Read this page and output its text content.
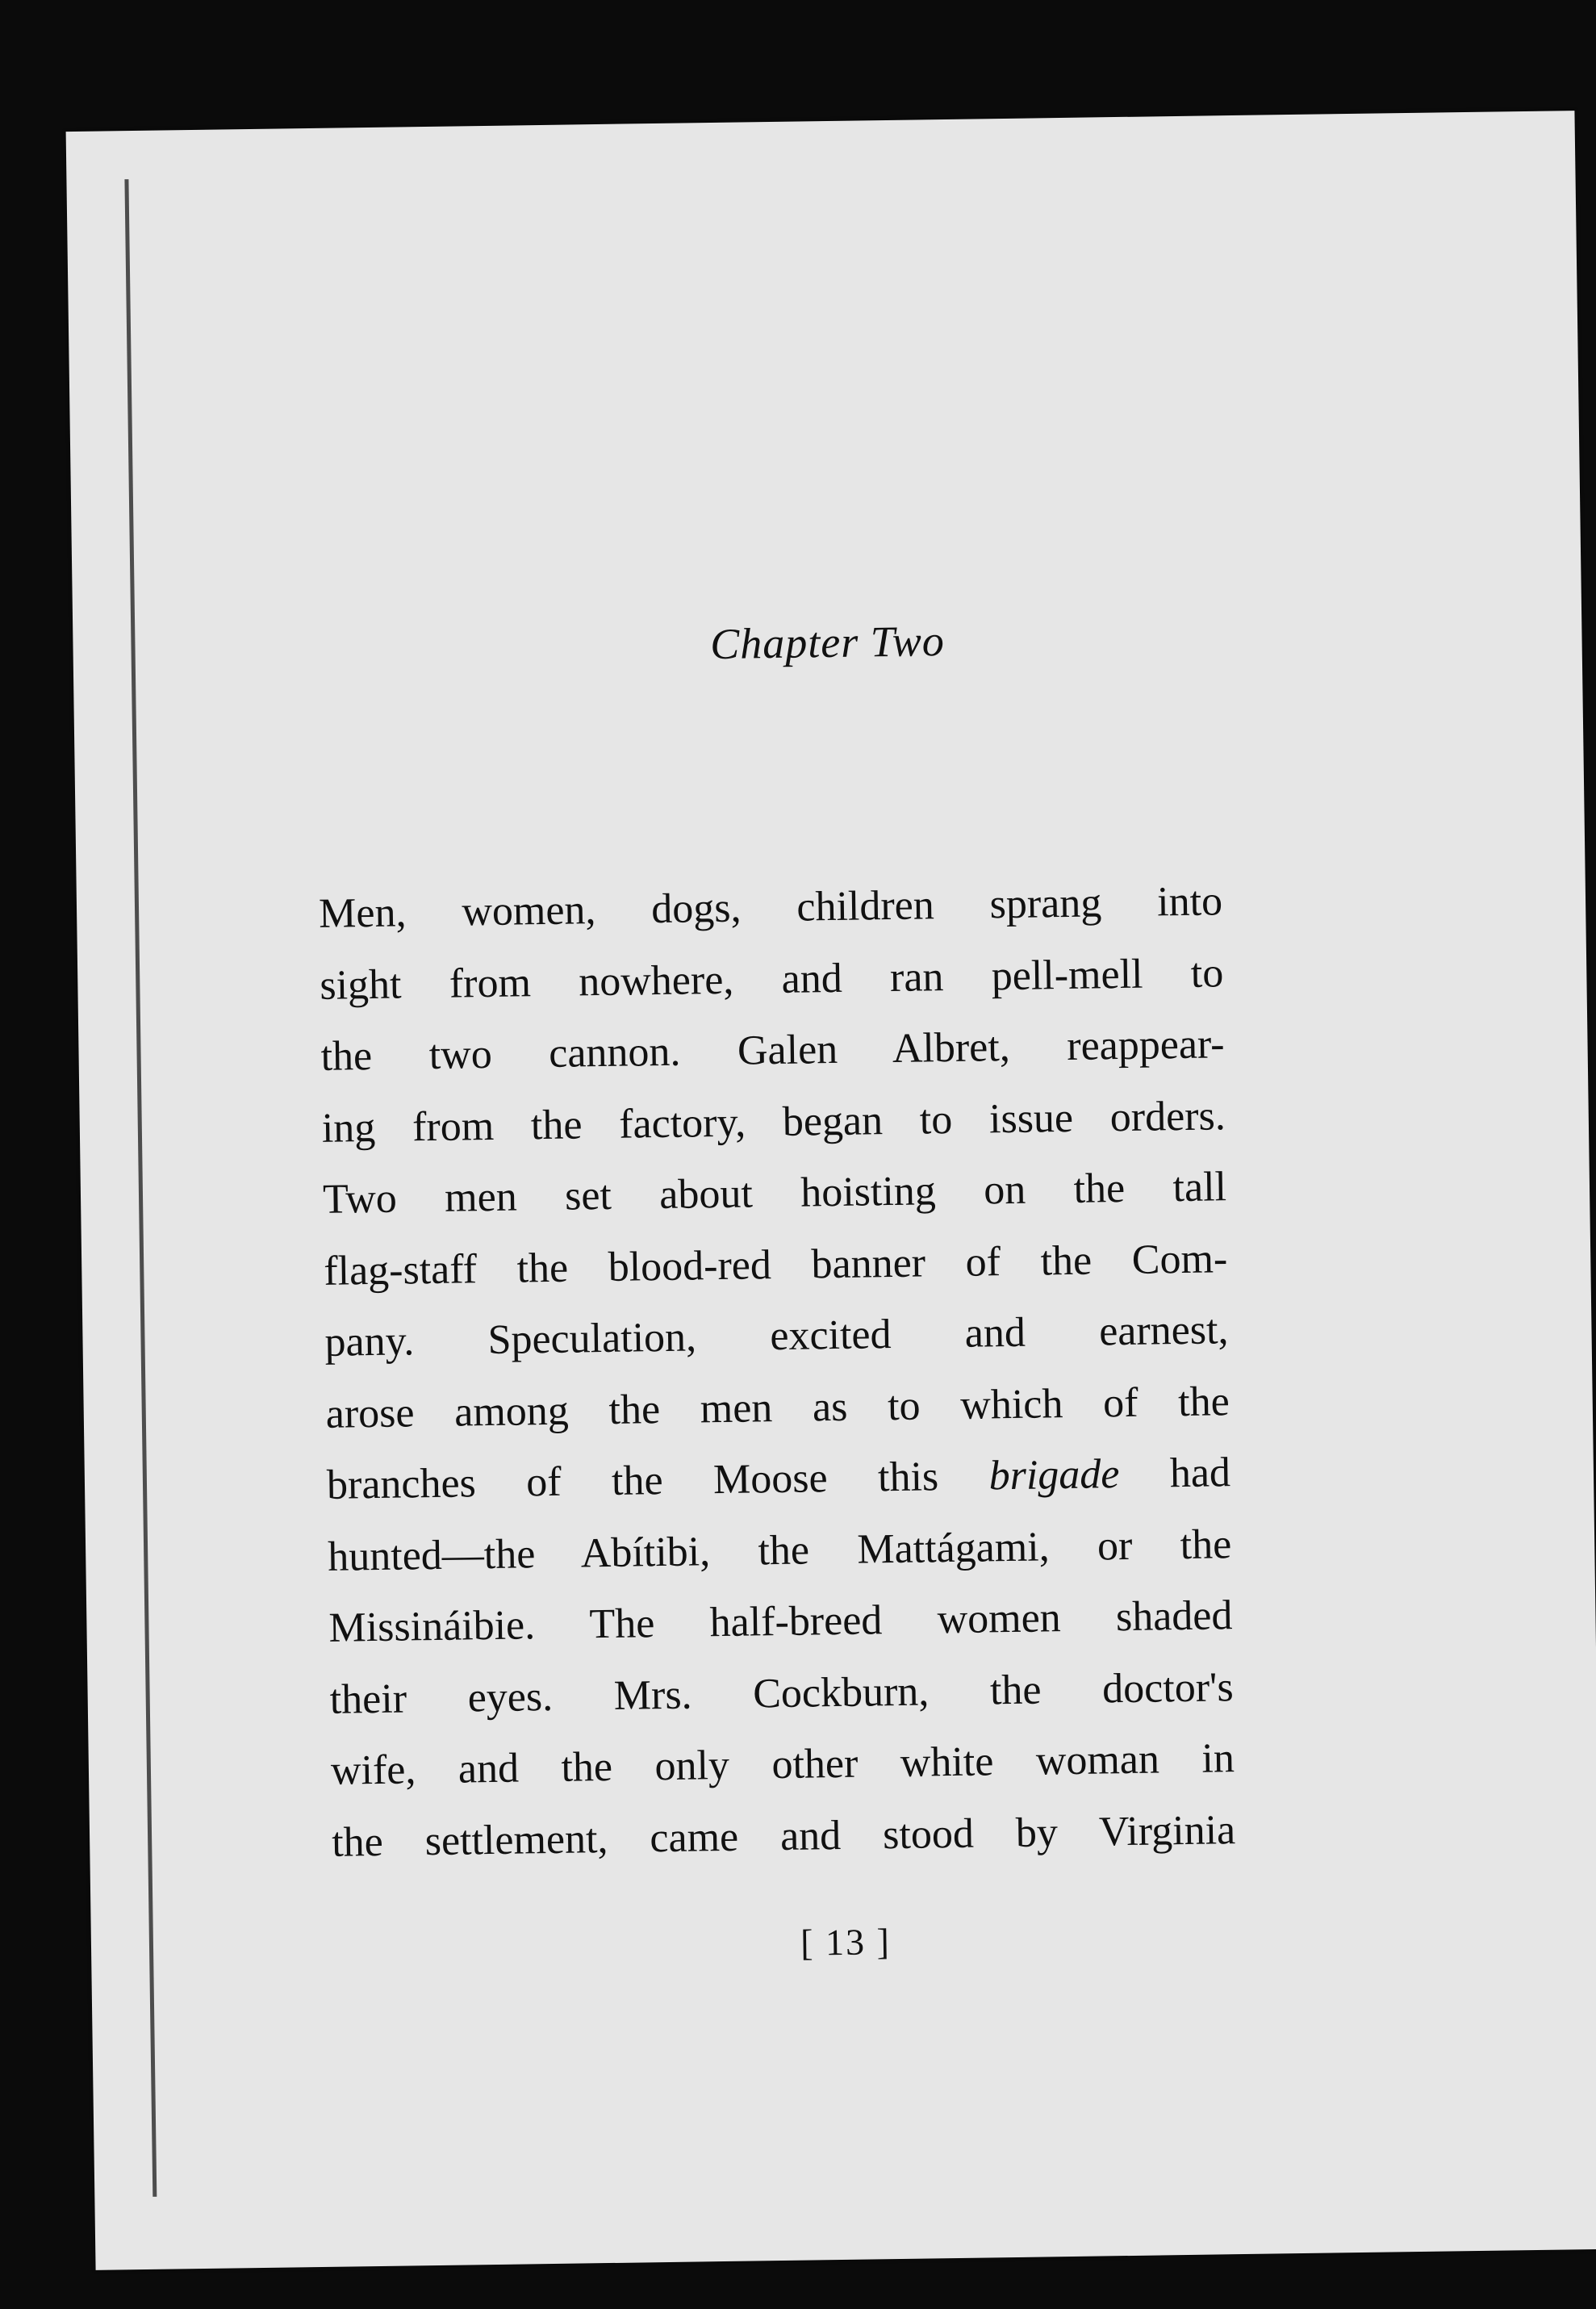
Chapter Two
Men, women, dogs, children sprang into
sight from nowhere, and ran pell-mell to
the two cannon. Galen Albret, reappear-
ing from the factory, began to issue orders.
Two men set about hoisting on the tall
flag-staff the blood-red banner of the Com-
pany. Speculation, excited and earnest,
arose among the men as to which of the
branches of the Moose this brigade had
hunted—the Abítibi, the Mattágami, or the
Missináibie. The half-breed women shaded
their eyes. Mrs. Cockburn, the doctor's
wife, and the only other white woman in
the settlement, came and stood by Virginia
[ 13 ]
